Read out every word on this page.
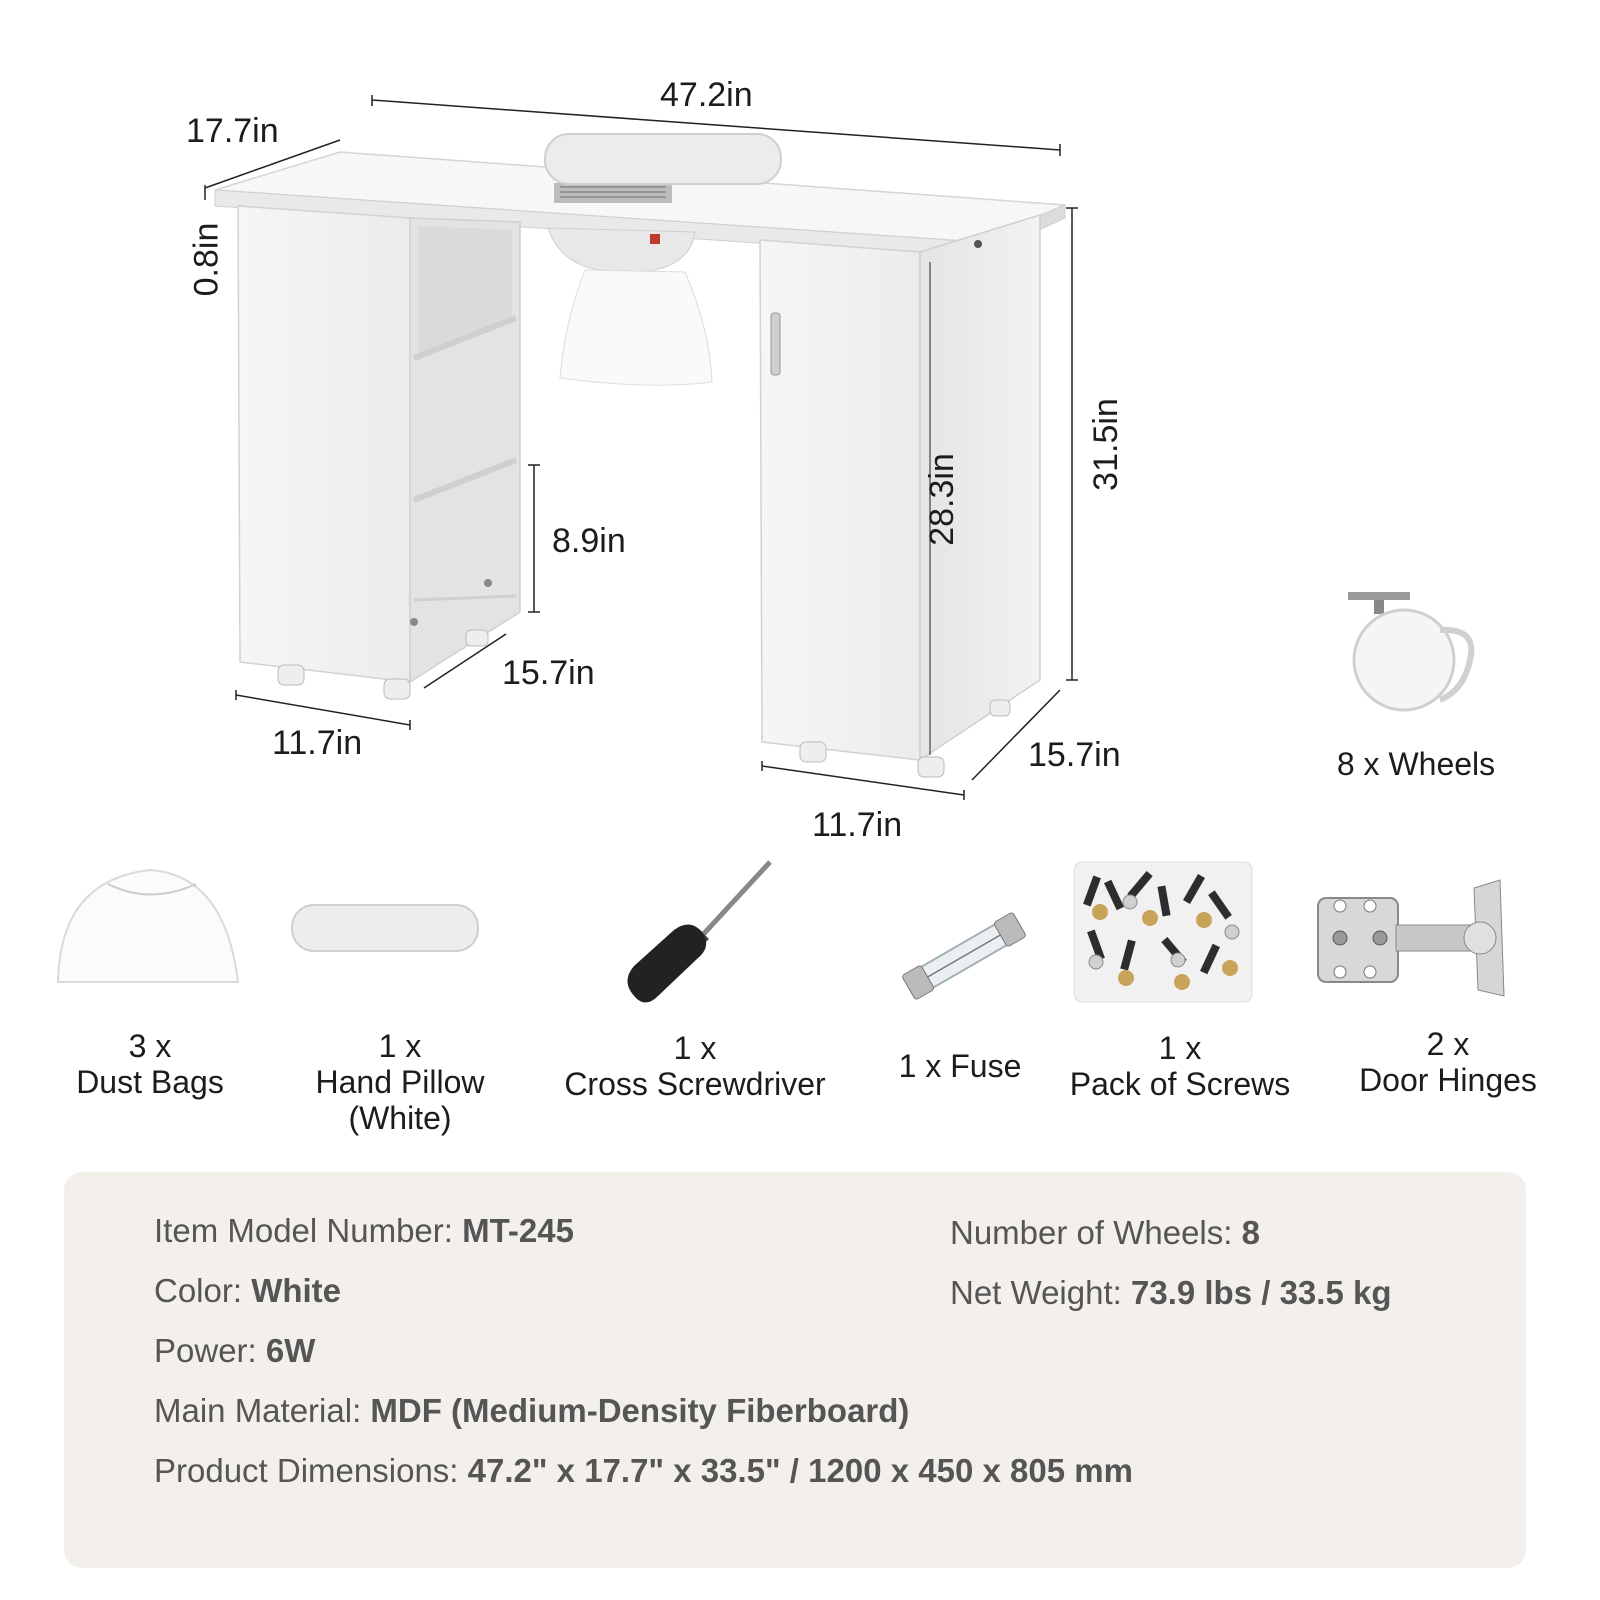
47.2in
17.7in
0.8in
31.5in
28.3in
8.9in
15.7in
11.7in	15.7in
11.7in
3 x
Dust Bags
1 x
Hand Pillow
(White)
1 x
Cross Screwdriver	1 x Fuse	1 x
Pack of Screws
2 x
Door Hinges
8 x Wheels
Item Model Number: MT-245
Color: White
Power: 6W
Main Material: MDF (Medium-Density Fiberboard)
Product Dimensions: 47.2" x 17.7" x 33.5" / 1200 x 450 x 805 mm
Number of Wheels: 8
Net Weight: 73.9 lbs / 33.5 kg
